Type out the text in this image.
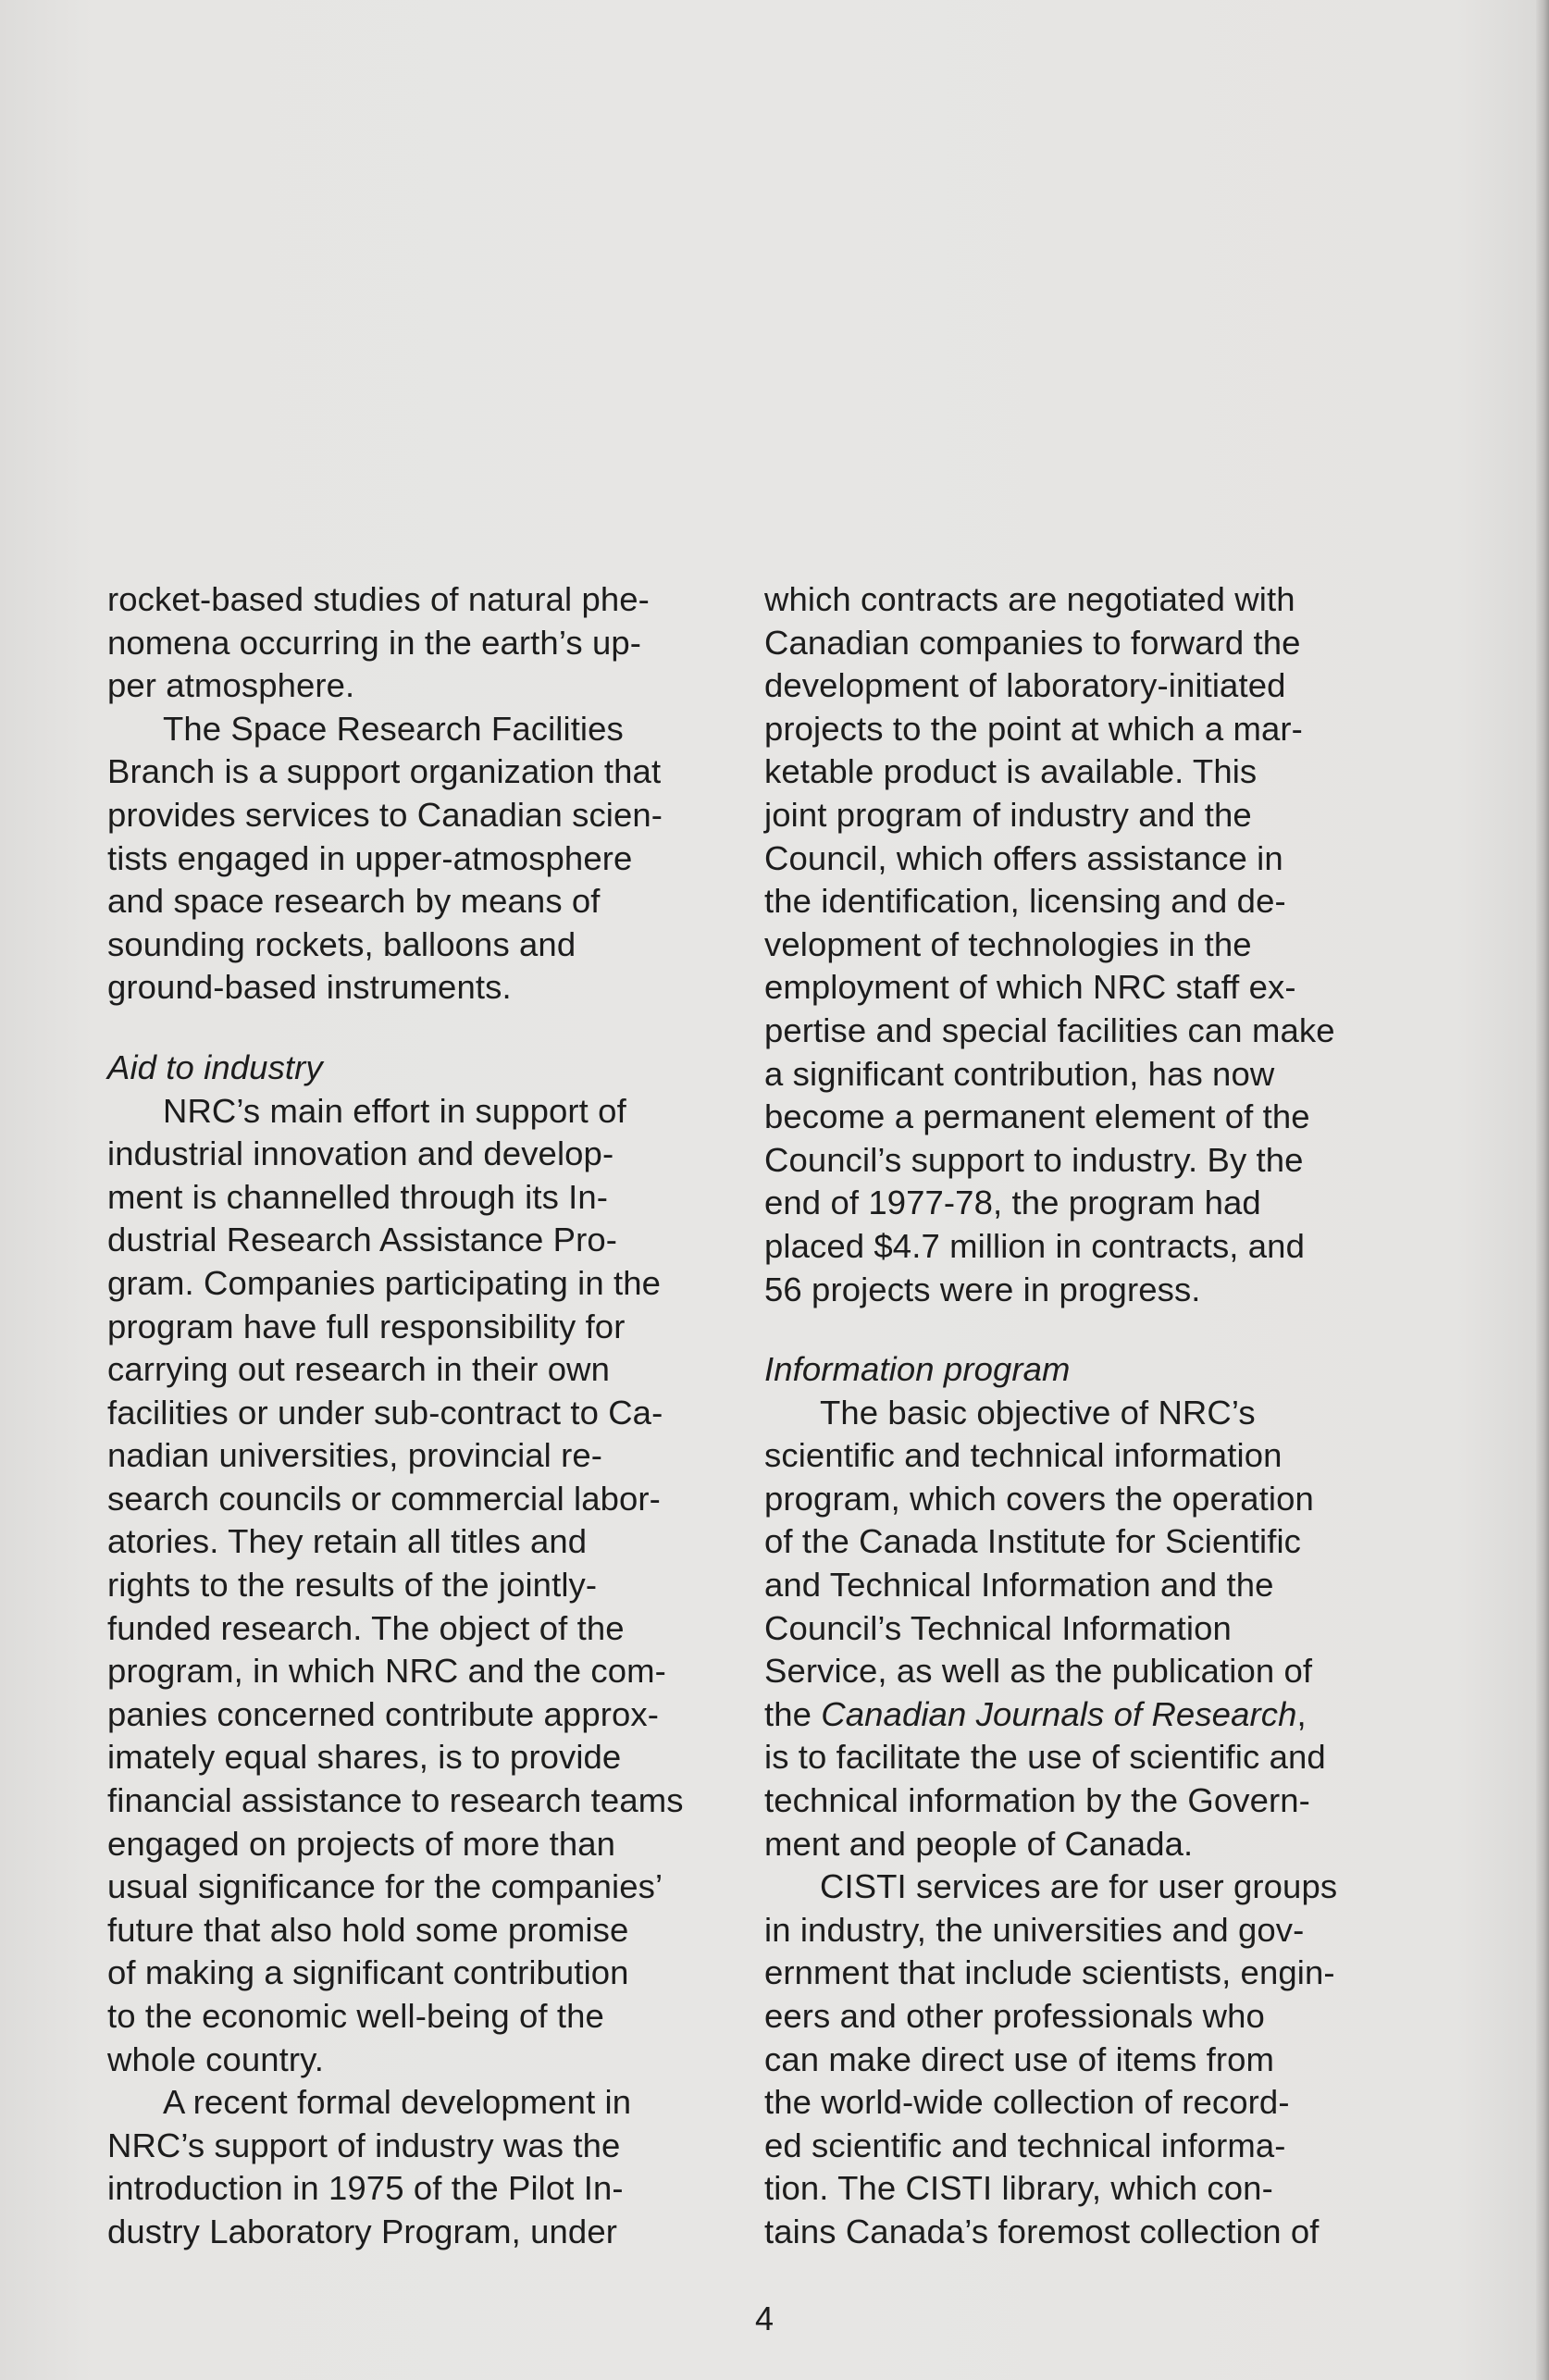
rocket-based studies of natural phe-
nomena occurring in the earth’s up-
per atmosphere.
The Space Research Facilities
Branch is a support organization that
provides services to Canadian scien-
tists engaged in upper-atmosphere
and space research by means of
sounding rockets, balloons and
ground-based instruments.
Aid to industry
NRC’s main effort in support of
industrial innovation and develop-
ment is channelled through its In-
dustrial Research Assistance Pro-
gram. Companies participating in the
program have full responsibility for
carrying out research in their own
facilities or under sub-contract to Ca-
nadian universities, provincial re-
search councils or commercial labor-
atories. They retain all titles and
rights to the results of the jointly-
funded research. The object of the
program, in which NRC and the com-
panies concerned contribute approx-
imately equal shares, is to provide
financial assistance to research teams
engaged on projects of more than
usual significance for the companies’
future that also hold some promise
of making a significant contribution
to the economic well-being of the
whole country.
A recent formal development in
NRC’s support of industry was the
introduction in 1975 of the Pilot In-
dustry Laboratory Program, under
which contracts are negotiated with
Canadian companies to forward the
development of laboratory-initiated
projects to the point at which a mar-
ketable product is available. This
joint program of industry and the
Council, which offers assistance in
the identification, licensing and de-
velopment of technologies in the
employment of which NRC staff ex-
pertise and special facilities can make
a significant contribution, has now
become a permanent element of the
Council’s support to industry. By the
end of 1977-78, the program had
placed $4.7 million in contracts, and
56 projects were in progress.
Information program
The basic objective of NRC’s
scientific and technical information
program, which covers the operation
of the Canada Institute for Scientific
and Technical Information and the
Council’s Technical Information
Service, as well as the publication of
the Canadian Journals of Research,
is to facilitate the use of scientific and
technical information by the Govern-
ment and people of Canada.
CISTI services are for user groups
in industry, the universities and gov-
ernment that include scientists, engin-
eers and other professionals who
can make direct use of items from
the world-wide collection of record-
ed scientific and technical informa-
tion. The CISTI library, which con-
tains Canada’s foremost collection of
4
